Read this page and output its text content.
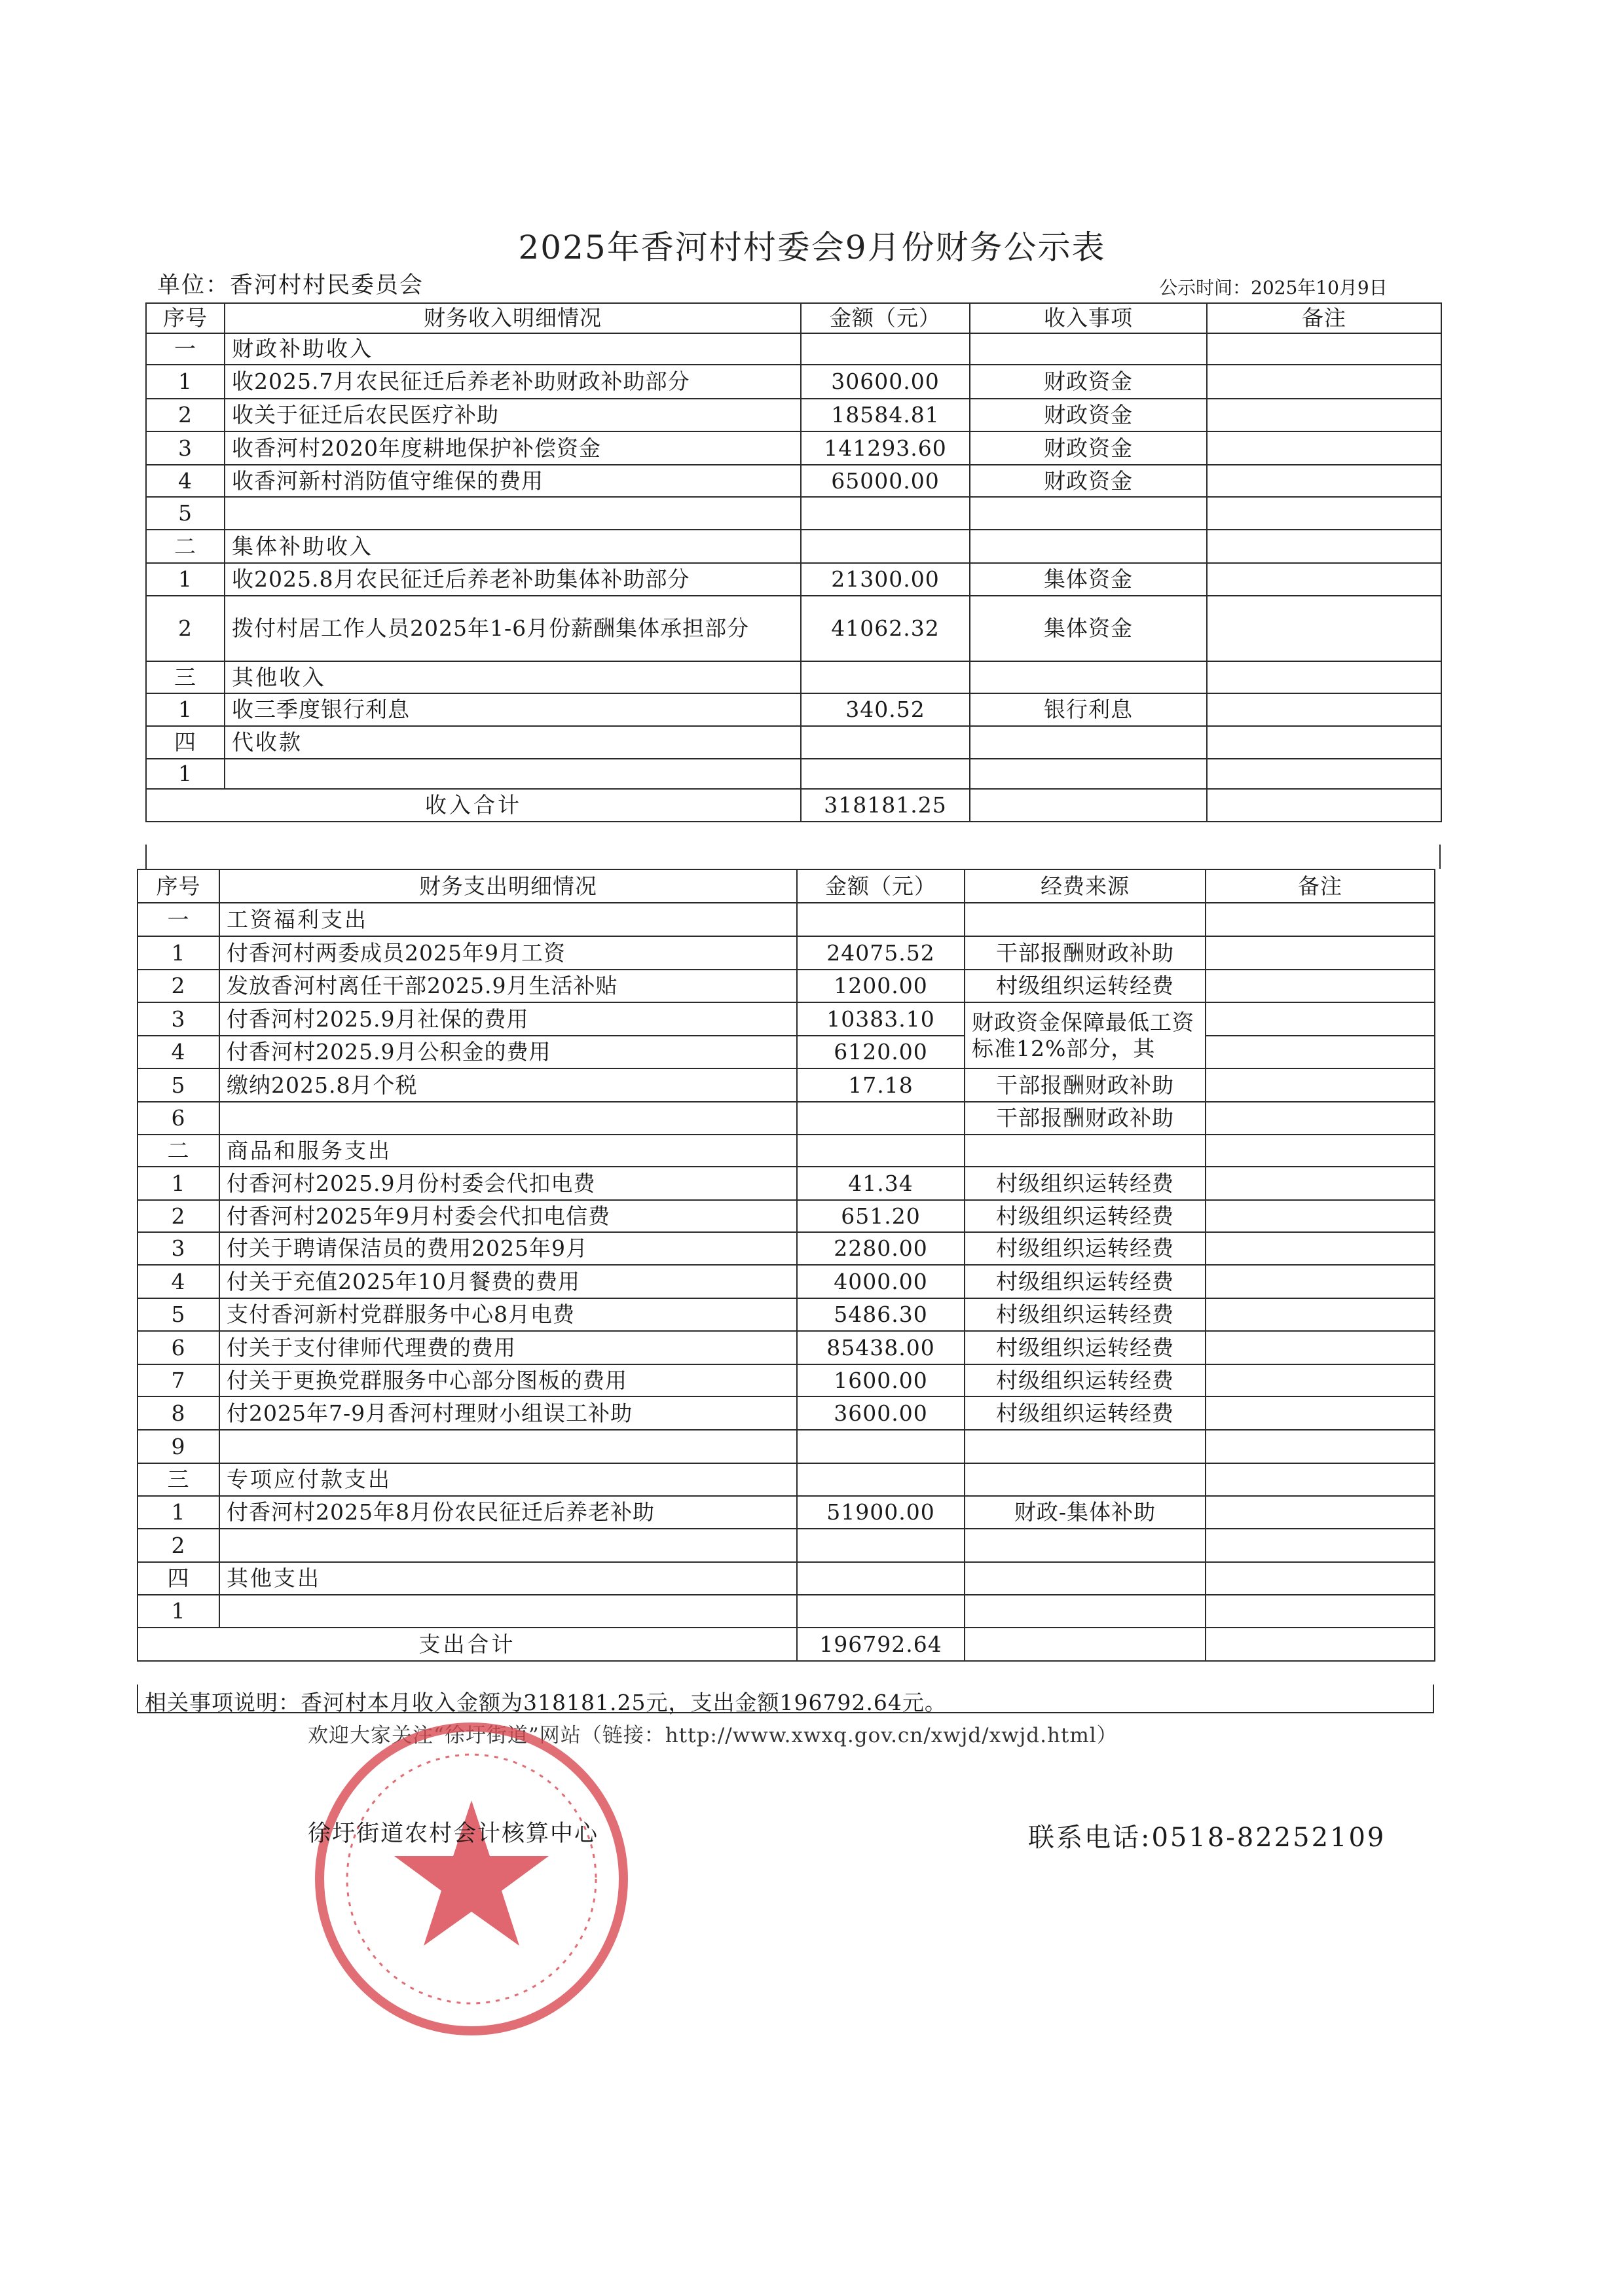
2025年香河村村委会9月份财务公示表
单位：香河村村民委员会	公示时间：2025年10月9日
序号	财务收入明细情况	金额（元）	收入事项	备注
一	财政补助收入			
1	收2025.7月农民征迁后养老补助财政补助部分	30600.00	财政资金	
2	收关于征迁后农民医疗补助	18584.81	财政资金	
3	收香河村2020年度耕地保护补偿资金	141293.60	财政资金	
4	收香河新村消防值守维保的费用	65000.00	财政资金	
5				
二	集体补助收入			
1	收2025.8月农民征迁后养老补助集体补助部分	21300.00	集体资金	
2	拨付村居工作人员2025年1-6月份薪酬集体承担部分	41062.32	集体资金	
三	其他收入			
1	收三季度银行利息	340.52	银行利息	
四	代收款			
1				
收入合计		318181.25		
序号	财务支出明细情况	金额（元）	经费来源	备注
一	工资福利支出			
1	付香河村两委成员2025年9月工资	24075.52	干部报酬财政补助	
2	发放香河村离任干部2025.9月生活补贴	1200.00	村级组织运转经费	
3	付香河村2025.9月社保的费用	10383.10	财政资金保障最低工资标准12%部分，其	
4	付香河村2025.9月公积金的费用	6120.00		
5	缴纳2025.8月个税	17.18	干部报酬财政补助	
6			干部报酬财政补助	
二	商品和服务支出			
1	付香河村2025.9月份村委会代扣电费	41.34	村级组织运转经费	
2	付香河村2025年9月村委会代扣电信费	651.20	村级组织运转经费	
3	付关于聘请保洁员的费用2025年9月	2280.00	村级组织运转经费	
4	付关于充值2025年10月餐费的费用	4000.00	村级组织运转经费	
5	支付香河新村党群服务中心8月电费	5486.30	村级组织运转经费	
6	付关于支付律师代理费的费用	85438.00	村级组织运转经费	
7	付关于更换党群服务中心部分图板的费用	1600.00	村级组织运转经费	
8	付2025年7-9月香河村理财小组误工补助	3600.00	村级组织运转经费	
9				
三	专项应付款支出			
1	付香河村2025年8月份农民征迁后养老补助	51900.00	财政-集体补助	
2				
四	其他支出			
1				
支出合计		196792.64		
相关事项说明：香河村本月收入金额为318181.25元，支出金额196792.64元。
欢迎大家关注“徐圩街道”网站（链接：http://www.xwxq.gov.cn/xwjd/xwjd.html）
徐圩街道农村会计核算中心	联系电话:0518-82252109
